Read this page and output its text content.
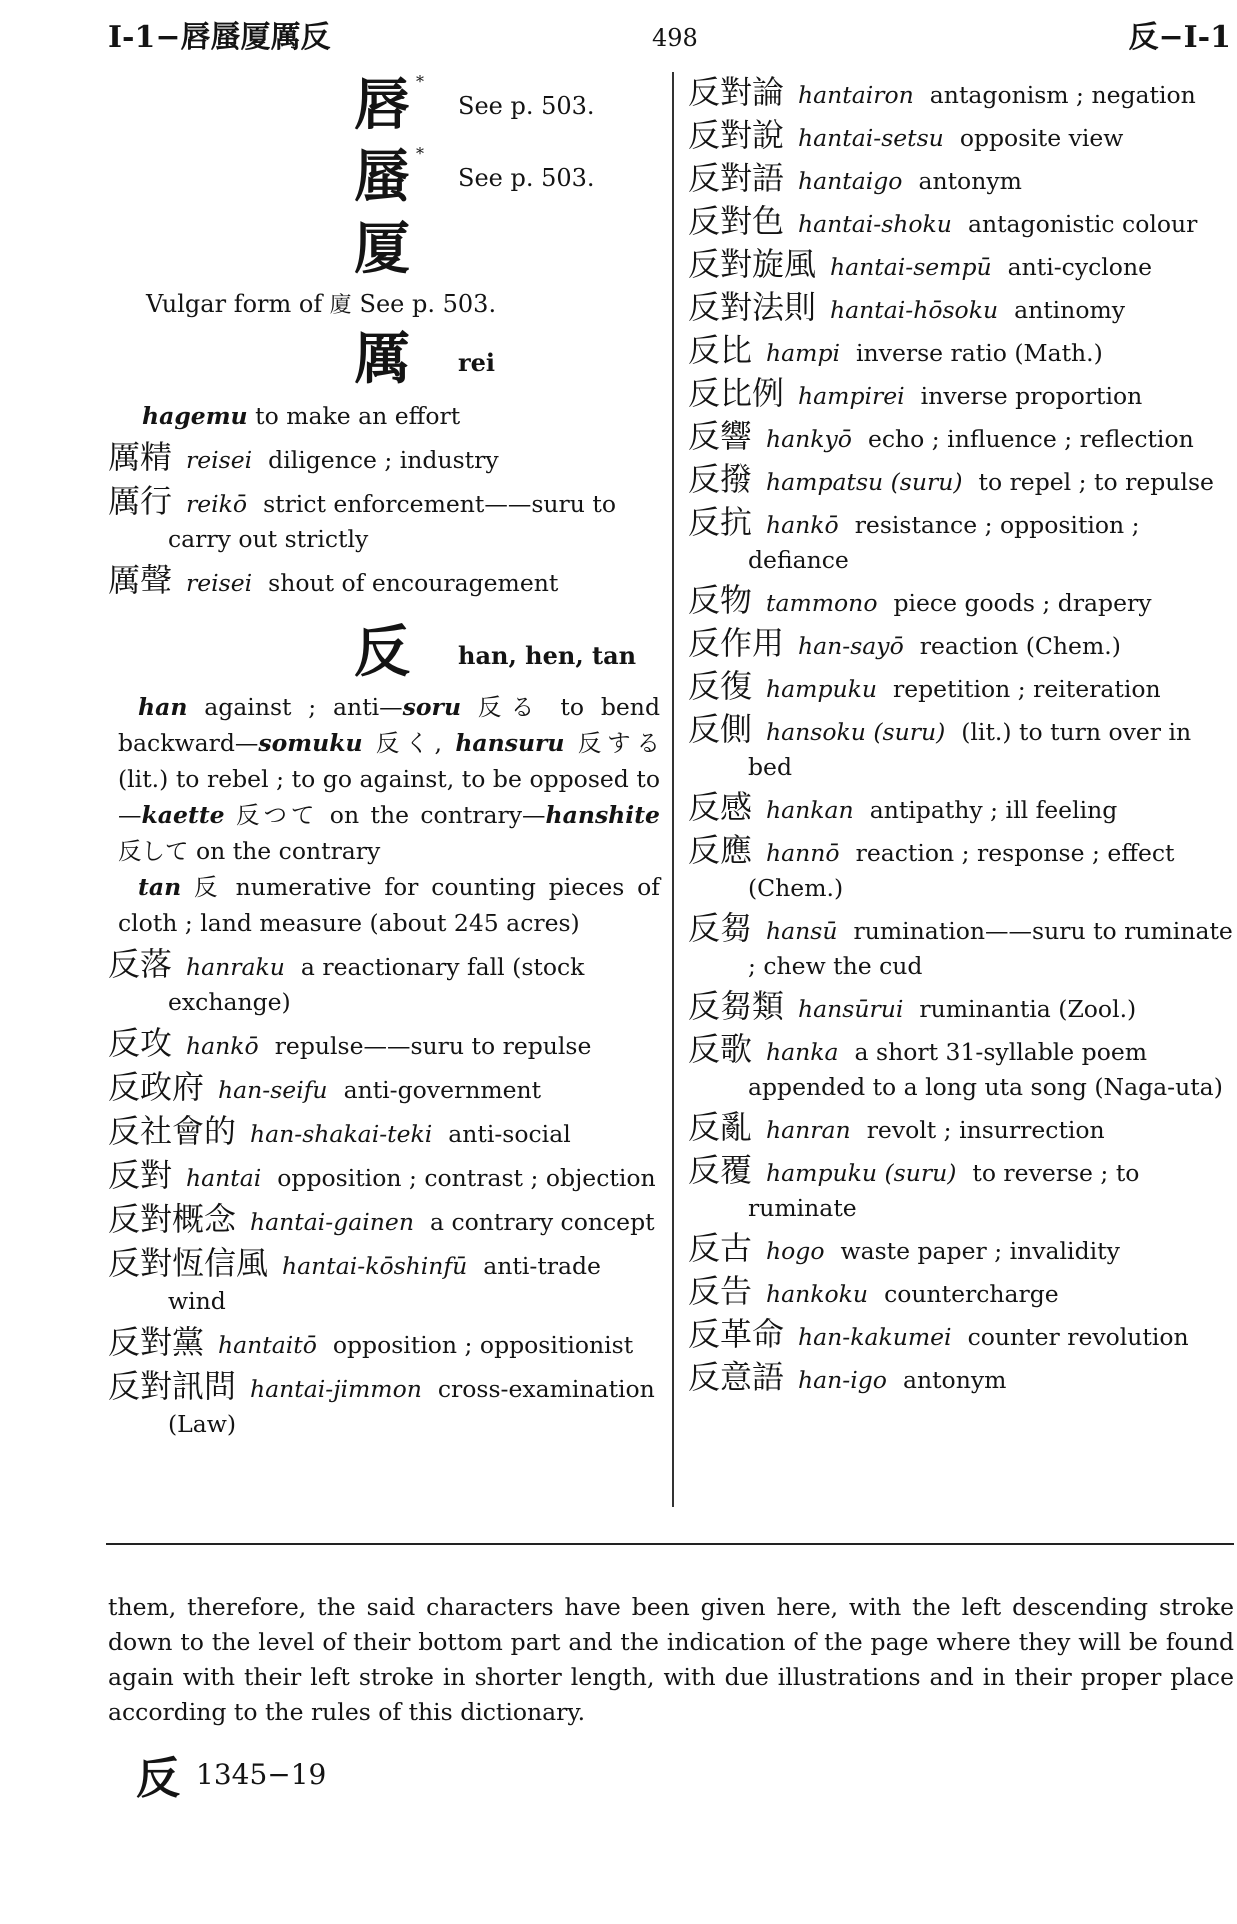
I-1−唇蜃厦厲反	498	反−I-1
唇 *
See p. 503.
蜃 *
See p. 503.
厦

Vulgar form of 廈 See p. 503.

厲 rei

hagemu to make an effort

厲精 reisei diligence ; industry

厲行 reikō strict enforcement——suru to carry out strictly

厲聲 reisei shout of encouragement

反 han, hen, tan

han against ; anti—soru 反る to bend backward—somuku 反く, hansuru 反する (lit.) to rebel ; to go against, to be opposed to—kaette 反つて on the contrary—hanshite 反して on the contrary

tan 反 numerative for counting pieces of cloth ; land measure (about 245 acres)

反落 hanraku a reactionary fall (stock exchange)

反攻 hankō repulse——suru to repulse

反政府 han-seifu anti-government

反社會的 han-shakai-teki anti-social

反對 hantai opposition ; contrast ; objection

反對概念 hantai-gainen a contrary concept

反對恆信風 hantai-kōshinfū anti-trade wind

反對黨 hantaitō opposition ; oppositionist

反對訊問 hantai-jimmon cross-examination (Law)

反對論 hantairon antagonism ; negation

反對說 hantai-setsu opposite view

反對語 hantaigo antonym

反對色 hantai-shoku antagonistic colour

反對旋風 hantai-sempū anti-cyclone

反對法則 hantai-hōsoku antinomy

反比 hampi inverse ratio (Math.)

反比例 hampirei inverse proportion

反響 hankyō echo ; influence ; reflection

反撥 hampatsu (suru) to repel ; to repulse

反抗 hankō resistance ; opposition ; defiance

反物 tammono piece goods ; drapery

反作用 han-sayō reaction (Chem.)

反復 hampuku repetition ; reiteration

反側 hansoku (suru) (lit.) to turn over in bed

反感 hankan antipathy ; ill feeling

反應 hannō reaction ; response ; effect (Chem.)

反芻 hansū rumination——suru to ruminate ; chew the cud

反芻類 hansūrui ruminantia (Zool.)

反歌 hanka a short 31-syllable poem appended to a long uta song (Naga-uta)

反亂 hanran revolt ; insurrection

反覆 hampuku (suru) to reverse ; to ruminate

反古 hogo waste paper ; invalidity

反告 hankoku countercharge

反革命 han-kakumei counter revolution

反意語 han-igo antonym

them, therefore, the said characters have been given here, with the left descending stroke down to the level of their bottom part and the indication of the page where they will be found again with their left stroke in shorter length, with due illustrations and in their proper place according to the rules of this dictionary.

反 1345−19
